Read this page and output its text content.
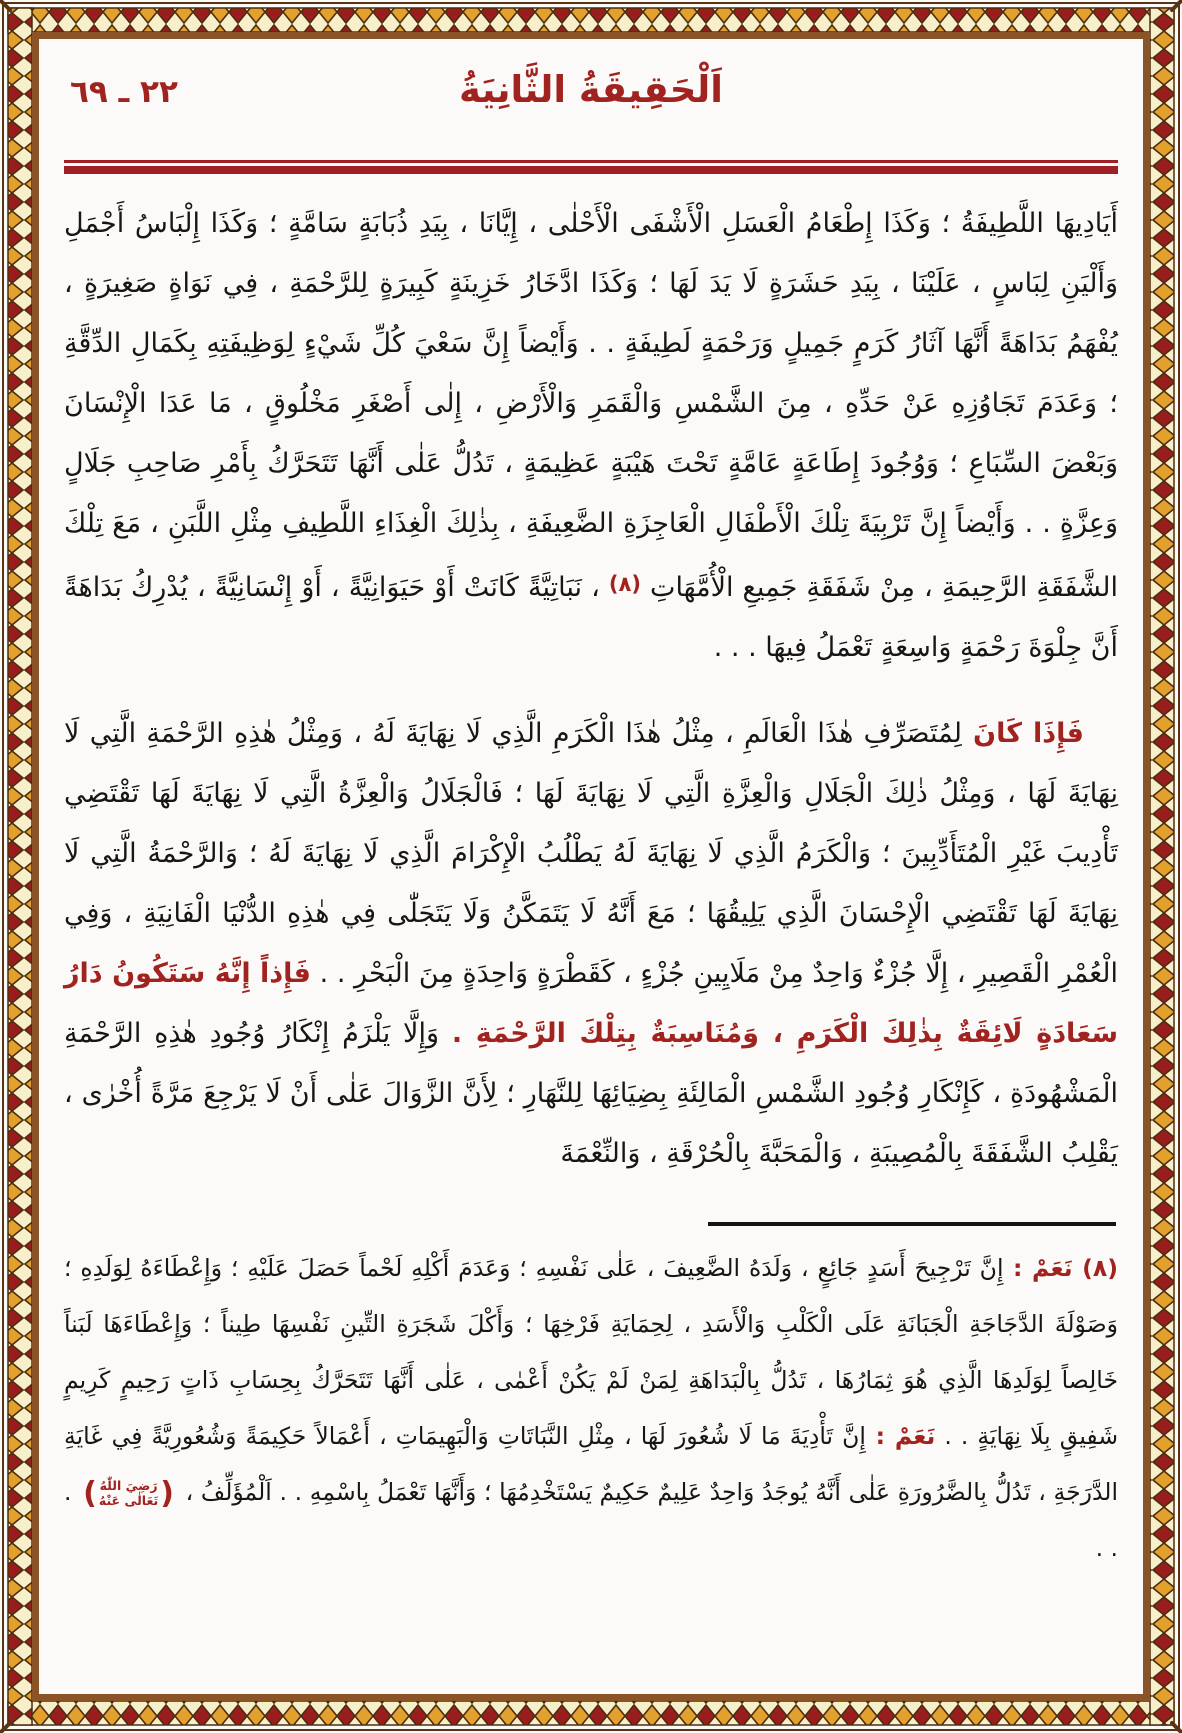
٢٢ ـ ٦٩	اَلْحَقِيقَةُ الثَّانِيَةُ

أَيَادِيهَا اللَّطِيفَةُ ؛ وَكَذَا إِطْعَامُ الْعَسَلِ الْأَشْفَى الْأَحْلٰى ، إِيَّانَا ، بِيَدِ ذُبَابَةٍ سَامَّةٍ ؛ وَكَذَا إِلْبَاسُ أَجْمَلِ وَأَلْيَنِ لِبَاسٍ ، عَلَيْنَا ، بِيَدِ حَشَرَةٍ لَا يَدَ لَهَا ؛ وَكَذَا ادَّخَارُ خَزِينَةٍ كَبِيرَةٍ لِلرَّحْمَةِ ، فِي نَوَاةٍ صَغِيرَةٍ ، يُفْهَمُ بَدَاهَةً أَنَّهَا آثَارُ كَرَمٍ جَمِيلٍ وَرَحْمَةٍ لَطِيفَةٍ . . وَأَيْضاً إِنَّ سَعْيَ كُلِّ شَيْءٍ لِوَظِيفَتِهِ بِكَمَالِ الدِّقَّةِ ؛ وَعَدَمَ تَجَاوُزِهِ عَنْ حَدِّهِ ، مِنَ الشَّمْسِ وَالْقَمَرِ وَالْأَرْضِ ، إِلٰى أَصْغَرِ مَخْلُوقٍ ، مَا عَدَا الْإِنْسَانَ وَبَعْضَ السِّبَاعِ ؛ وَوُجُودَ إِطَاعَةٍ عَامَّةٍ تَحْتَ هَيْبَةٍ عَظِيمَةٍ ، تَدُلُّ عَلٰى أَنَّهَا تَتَحَرَّكُ بِأَمْرِ صَاحِبِ جَلَالٍ وَعِزَّةٍ . . وَأَيْضاً إِنَّ تَرْبِيَةَ تِلْكَ الْأَطْفَالِ الْعَاجِزَةِ الضَّعِيفَةِ ، بِذٰلِكَ الْغِذَاءِ اللَّطِيفِ مِثْلِ اللَّبَنِ ، مَعَ تِلْكَ الشَّفَقَةِ الرَّحِيمَةِ ، مِنْ شَفَقَةِ جَمِيعِ الْأُمَّهَاتِ (٨) ، نَبَاتِيَّةً كَانَتْ أَوْ حَيَوَانِيَّةً ، أَوْ إِنْسَانِيَّةً ، يُدْرِكُ بَدَاهَةً أَنَّ جِلْوَةَ رَحْمَةٍ وَاسِعَةٍ تَعْمَلُ فِيهَا . . .

فَإِذَا كَانَ لِمُتَصَرِّفِ هٰذَا الْعَالَمِ ، مِثْلُ هٰذَا الْكَرَمِ الَّذِي لَا نِهَايَةَ لَهُ ، وَمِثْلُ هٰذِهِ الرَّحْمَةِ الَّتِي لَا نِهَايَةَ لَهَا ، وَمِثْلُ ذٰلِكَ الْجَلَالِ وَالْعِزَّةِ الَّتِي لَا نِهَايَةَ لَهَا ؛ فَالْجَلَالُ وَالْعِزَّةُ الَّتِي لَا نِهَايَةَ لَهَا تَقْتَضِي تَأْدِيبَ غَيْرِ الْمُتَأَدِّبِينَ ؛ وَالْكَرَمُ الَّذِي لَا نِهَايَةَ لَهُ يَطْلُبُ الْإِكْرَامَ الَّذِي لَا نِهَايَةَ لَهُ ؛ وَالرَّحْمَةُ الَّتِي لَا نِهَايَةَ لَهَا تَقْتَضِي الْإِحْسَانَ الَّذِي يَلِيقُهَا ؛ مَعَ أَنَّهُ لَا يَتَمَكَّنُ وَلَا يَتَجَلّٰى فِي هٰذِهِ الدُّنْيَا الْفَانِيَةِ ، وَفِي الْعُمْرِ الْقَصِيرِ ، إِلَّا جُزْءٌ وَاحِدٌ مِنْ مَلَايِينِ جُزْءٍ ، كَقَطْرَةٍ وَاحِدَةٍ مِنَ الْبَحْرِ . . فَإِذاً إِنَّهُ سَتَكُونُ دَارُ سَعَادَةٍ لَائِقَةٌ بِذٰلِكَ الْكَرَمِ ، وَمُنَاسِبَةٌ بِتِلْكَ الرَّحْمَةِ . وَإِلَّا يَلْزَمُ إِنْكَارُ وُجُودِ هٰذِهِ الرَّحْمَةِ الْمَشْهُودَةِ ، كَإِنْكَارِ وُجُودِ الشَّمْسِ الْمَالِئَةِ بِضِيَائِهَا لِلنَّهَارِ ؛ لِأَنَّ الزَّوَالَ عَلٰى أَنْ لَا يَرْجِعَ مَرَّةً أُخْرٰى ، يَقْلِبُ الشَّفَقَةَ بِالْمُصِيبَةِ ، وَالْمَحَبَّةَ بِالْحُرْقَةِ ، وَالنِّعْمَةَ

(٨) نَعَمْ : إِنَّ تَرْجِيحَ أَسَدٍ جَائِعٍ ، وَلَدَهُ الضَّعِيفَ ، عَلٰى نَفْسِهِ ؛ وَعَدَمَ أَكْلِهِ لَحْماً حَصَلَ عَلَيْهِ ؛ وَإِعْطَاءَهُ لِوَلَدِهِ ؛ وَصَوْلَةَ الدَّجَاجَةِ الْجَبَانَةِ عَلَى الْكَلْبِ وَالْأَسَدِ ، لِحِمَايَةِ فَرْخِهَا ؛ وَأَكْلَ شَجَرَةِ التِّينِ نَفْسِهَا طِيناً ؛ وَإِعْطَاءَهَا لَبَناً خَالِصاً لِوَلَدِهَا الَّذِي هُوَ ثِمَارُهَا ، تَدُلُّ بِالْبَدَاهَةِ لِمَنْ لَمْ يَكُنْ أَعْمٰى ، عَلٰى أَنَّهَا تَتَحَرَّكُ بِحِسَابِ ذَاتٍ رَحِيمٍ كَرِيمٍ شَفِيقٍ بِلَا نِهَايَةٍ . . نَعَمْ : إِنَّ تَأْدِيَةَ مَا لَا شُعُورَ لَهَا ، مِثْلِ النَّبَاتَاتِ وَالْبَهِيمَاتِ ، أَعْمَالاً حَكِيمَةً وَشُعُورِيَّةً فِي غَايَةِ الدَّرَجَةِ ، تَدُلُّ بِالضَّرُورَةِ عَلٰى أَنَّهُ يُوجَدُ وَاحِدٌ عَلِيمٌ حَكِيمٌ يَسْتَخْدِمُهَا ؛ وَأَنَّهَا تَعْمَلُ بِاسْمِهِ . . اَلْمُؤَلِّفُ ،
(
رَضِيَ اللّٰهُ
تَعَالٰى عَنْهُ
)
. . .
